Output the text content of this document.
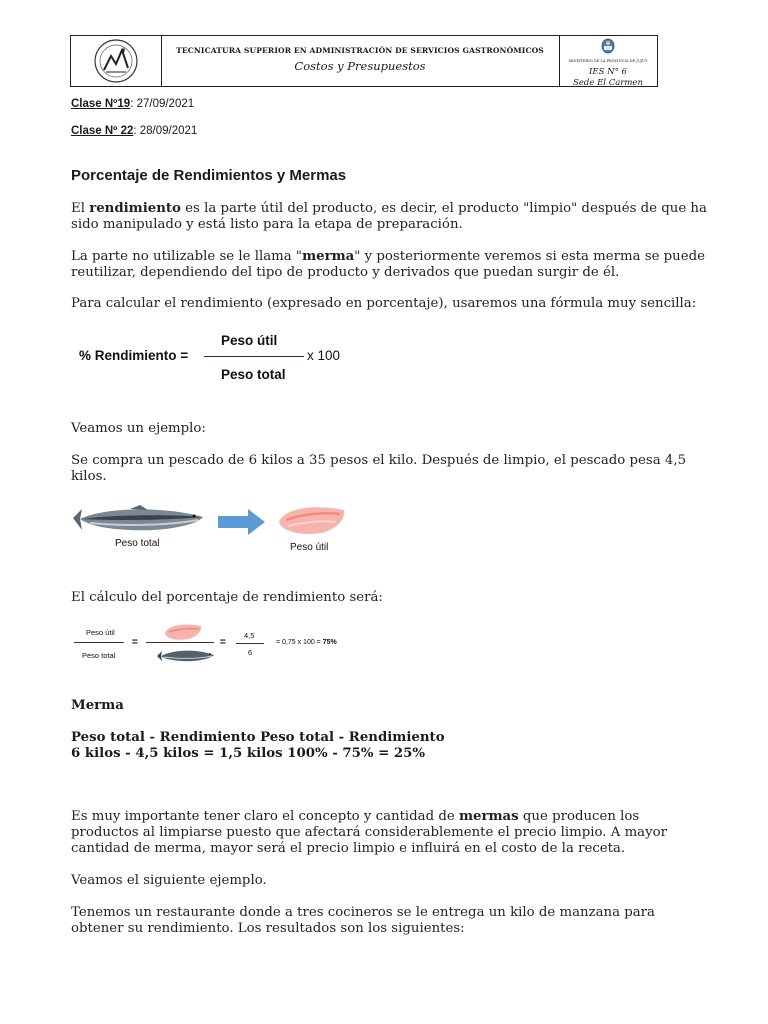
TECNICATURA SUPERIOR EN ADMINISTRACIÓN DE SERVICIOS GASTRONÓMICOS
Costos y Presupuestos	MINISTERIO DE LA PROVINCIA DE JUJUY
IES N° 6
Sede El Carmen
Clase Nº19: 27/09/2021
Clase Nº 22: 28/09/2021
Porcentaje de Rendimientos y Mermas
El rendimiento es la parte útil del producto, es decir, el producto "limpio" después de que ha sido manipulado y está listo para la etapa de preparación.
La parte no utilizable se le llama "merma" y posteriormente veremos si esta merma se puede reutilizar, dependiendo del tipo de producto y derivados que puedan surgir de él.
Para calcular el rendimiento (expresado en porcentaje), usaremos una fórmula muy sencilla:
% Rendimiento =
Peso útil
Peso total
x 100
Veamos un ejemplo:
Se compra un pescado de 6 kilos a 35 pesos el kilo. Después de limpio, el pescado pesa 4,5 kilos.
Peso total	Peso útil
El cálculo del porcentaje de rendimiento será:
Peso útil
Peso total
=	=
4,5
6
= 0,75 x 100 = 75%
Merma
Peso total - Rendimiento Peso total - Rendimiento
6 kilos - 4,5 kilos = 1,5 kilos 100% - 75% = 25%
Es muy importante tener claro el concepto y cantidad de mermas que producen los productos al limpiarse puesto que afectará considerablemente el precio limpio. A mayor cantidad de merma, mayor será el precio limpio e influirá en el costo de la receta.
Veamos el siguiente ejemplo.
Tenemos un restaurante donde a tres cocineros se le entrega un kilo de manzana para obtener su rendimiento. Los resultados son los siguientes:
